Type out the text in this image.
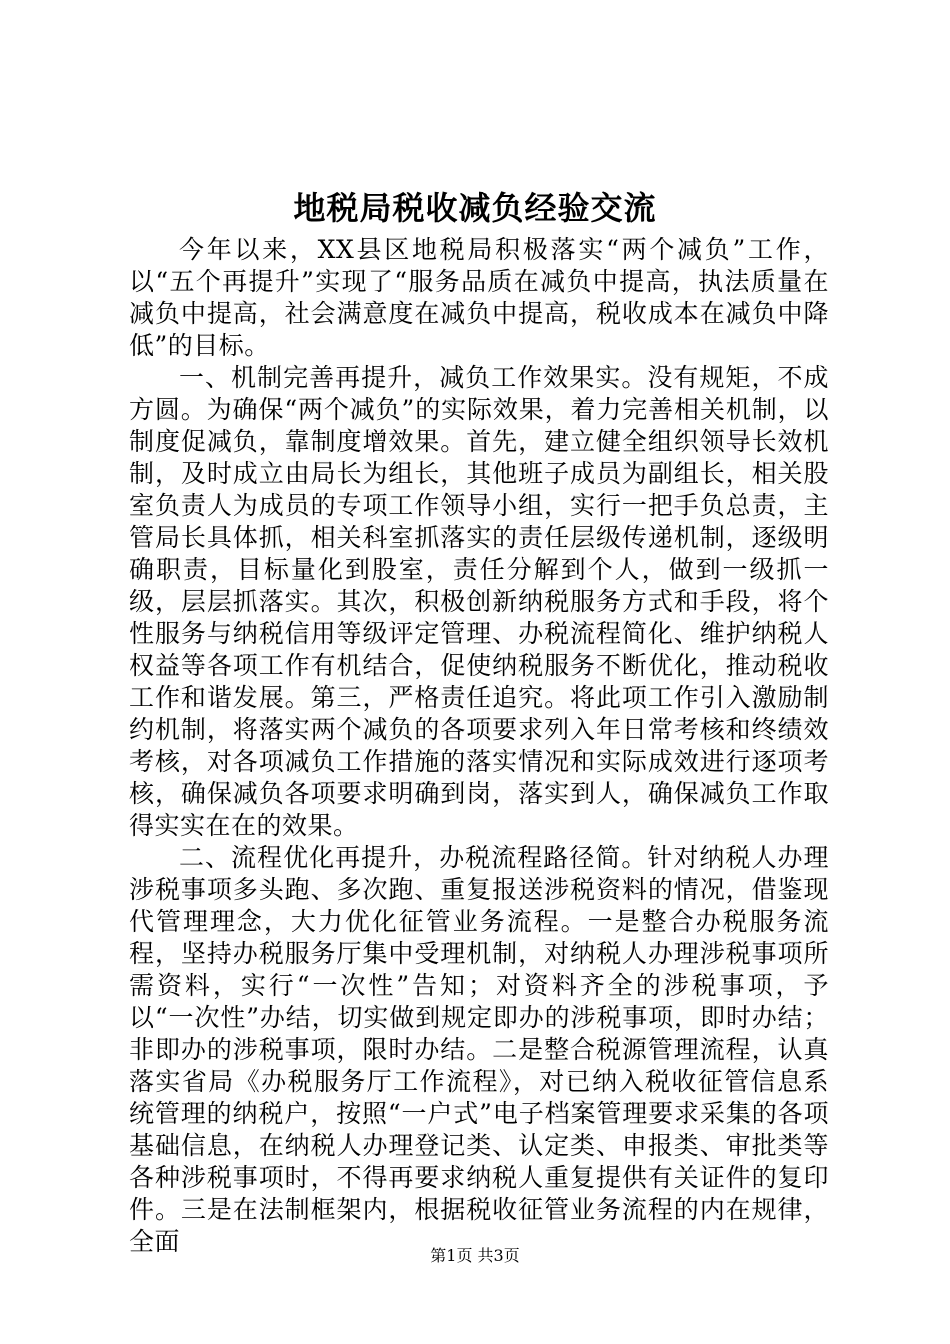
地税局税收减负经验交流

今年以来，XX县区地税局积极落实“两个减负”工作，以“五个再提升”实现了“服务品质在减负中提高，执法质量在减负中提高，社会满意度在减负中提高，税收成本在减负中降低”的目标。

一、机制完善再提升，减负工作效果实。没有规矩，不成方圆。为确保“两个减负”的实际效果，着力完善相关机制，以制度促减负，靠制度增效果。首先，建立健全组织领导长效机制，及时成立由局长为组长，其他班子成员为副组长，相关股室负责人为成员的专项工作领导小组，实行一把手负总责，主管局长具体抓，相关科室抓落实的责任层级传递机制，逐级明确职责，目标量化到股室，责任分解到个人，做到一级抓一级，层层抓落实。其次，积极创新纳税服务方式和手段，将个性服务与纳税信用等级评定管理、办税流程简化、维护纳税人权益等各项工作有机结合，促使纳税服务不断优化，推动税收工作和谐发展。第三，严格责任追究。将此项工作引入激励制约机制，将落实两个减负的各项要求列入年日常考核和终绩效考核，对各项减负工作措施的落实情况和实际成效进行逐项考核，确保减负各项要求明确到岗，落实到人，确保减负工作取得实实在在的效果。

二、流程优化再提升，办税流程路径简。针对纳税人办理涉税事项多头跑、多次跑、重复报送涉税资料的情况，借鉴现代管理理念，大力优化征管业务流程。一是整合办税服务流程，坚持办税服务厅集中受理机制，对纳税人办理涉税事项所需资料，实行“一次性”告知；对资料齐全的涉税事项，予以“一次性”办结，切实做到规定即办的涉税事项，即时办结；非即办的涉税事项，限时办结。二是整合税源管理流程，认真落实省局《办税服务厅工作流程》，对已纳入税收征管信息系统管理的纳税户，按照“一户式”电子档案管理要求采集的各项基础信息，在纳税人办理登记类、认定类、申报类、审批类等各种涉税事项时，不得再要求纳税人重复提供有关证件的复印件。三是在法制框架内，根据税收征管业务流程的内在规律，全面	第1页 共3页
